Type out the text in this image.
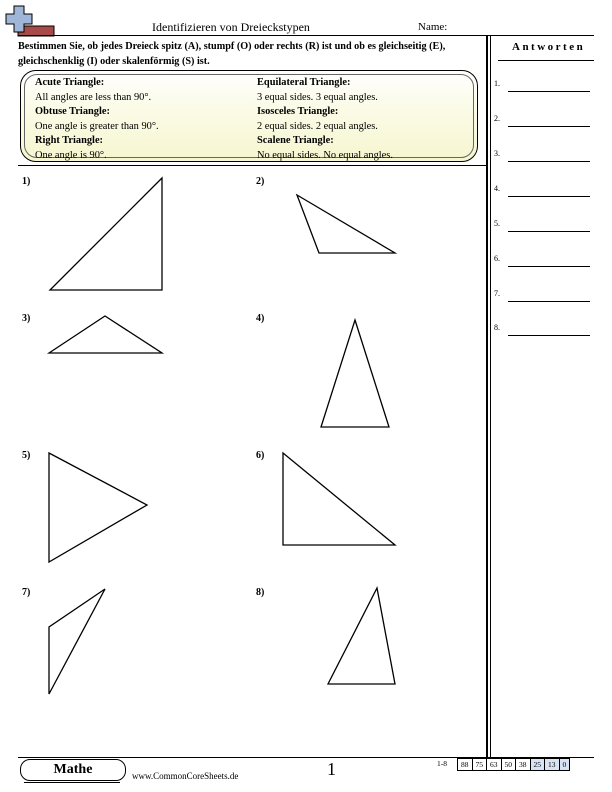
Identifizieren von Dreieckstypen	Name:
Bestimmen Sie, ob jedes Dreieck spitz (A), stumpf (O) oder rechts (R) ist und ob es gleichseitig (E), gleichschenklig (I) oder skalenförmig (S) ist.
Acute Triangle:
All angles are less than 90°.
Obtuse Triangle:
One angle is greater than 90°.
Right Triangle:
One angle is 90°.
Equilateral Triangle:
3 equal sides. 3 equal angles.
Isosceles Triangle:
2 equal sides. 2 equal angles.
Scalene Triangle:
No equal sides. No equal angles.
Antworten
1.
2.
3.
4.
5.
6.
7.
8.
1)	2)
3)	4)
5)	6)
7)	8)
Mathe	www.CommonCoreSheets.de	1	1-8	88 75 63 50 38 25 13 0
